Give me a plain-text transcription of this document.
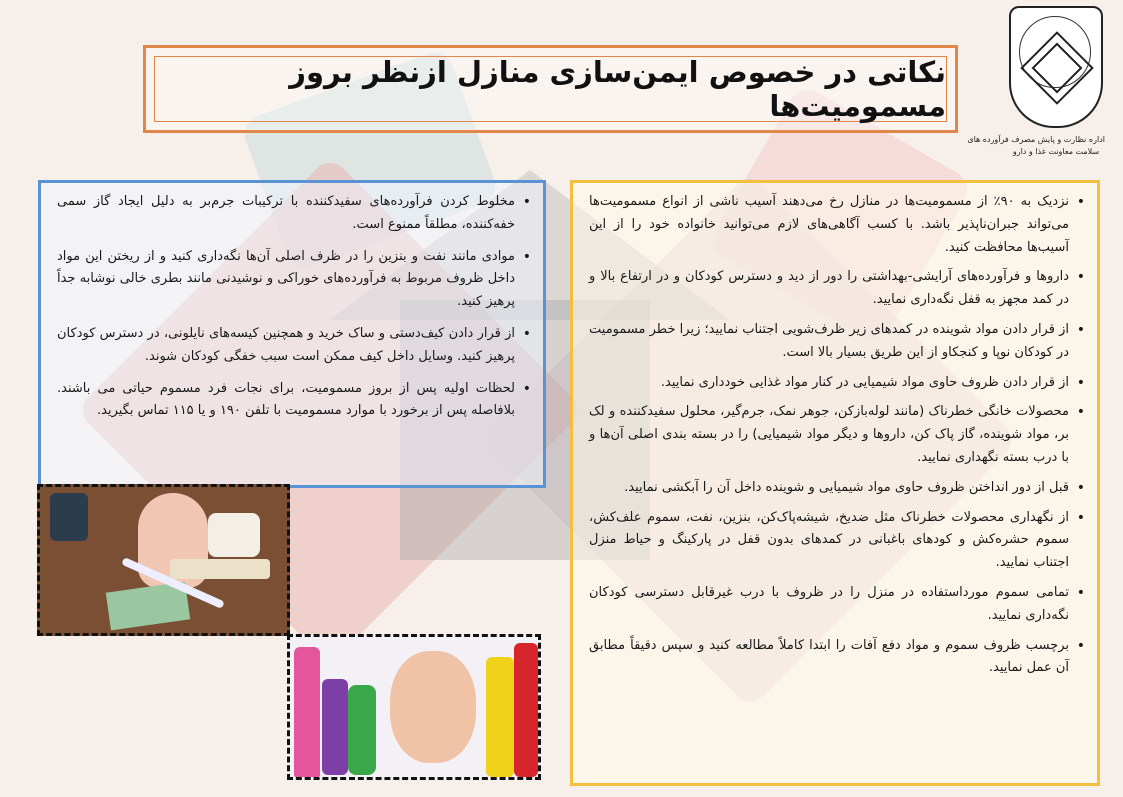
نکاتی در خصوص ایمن‌سازی منازل ازنظر بروز مسمومیت‌ها
اداره نظارت و پایش مصرف فرآورده های
سلامت معاونت غذا و دارو
• نزدیک به ۹۰٪ از مسمومیت‌ها در منازل رخ می‌دهند آسیب ناشی از انواع مسمومیت‌ها می‌تواند جبران‌ناپذیر باشد. با کسب آگاهی‌های لازم می‌توانید خانواده خود را از این آسیب‌ها محافظت کنید.
• داروها و فرآورده‌های آرایشی-بهداشتی را دور از دید و دسترس کودکان و در ارتفاع بالا و در کمد مجهز به قفل نگه‌داری نمایید.
• از قرار دادن مواد شوینده در کمدهای زیر ظرف‌شویی اجتناب نمایید؛ زیرا خطر مسمومیت در کودکان نوپا و کنجکاو از این طریق بسیار بالا است.
• از قرار دادن ظروف حاوی مواد شیمیایی در کنار مواد غذایی خودداری نمایید.
• محصولات خانگی خطرناک (مانند لوله‌بازکن، جوهر نمک، جرم‌گیر، محلول سفیدکننده و لک بر، مواد شوینده، گاز پاک کن، داروها و دیگر مواد شیمیایی) را در بسته بندی اصلی آن‌ها و با درب بسته نگهداری نمایید.
• قبل از دور انداختن ظروف حاوی مواد شیمیایی و شوینده داخل آن را آبکشی نمایید.
• از نگهداری محصولات خطرناک مثل ضدیخ، شیشه‌پاک‌کن، بنزین، نفت، سموم علف‌کش، سموم حشره‌کش و کودهای باغبانی در کمدهای بدون قفل در پارکینگ و حیاط منزل اجتناب نمایید.
• تمامی سموم مورداستفاده در منزل را در ظروف با درب غیرقابل دسترسی کودکان نگه‌داری نمایید.
• برچسب ظروف سموم و مواد دفع آفات را ابتدا کاملاً مطالعه کنید و سپس دقیقاً مطابق آن عمل نمایید.
• مخلوط کردن فرآورده‌های سفیدکننده با ترکیبات جرم‌بر به دلیل ایجاد گاز سمی خفه‌کننده، مطلقاً ممنوع است.
• موادی مانند نفت و بنزین را در ظرف اصلی آن‌ها نگه‌داری کنید و از ریختن این مواد داخل ظروف مربوط به فرآورده‌های خوراکی و نوشیدنی مانند بطری خالی نوشابه جداً پرهیز کنید.
• از قرار دادن کیف‌دستی و ساک خرید و همچنین کیسه‌های نایلونی، در دسترس کودکان پرهیز کنید. وسایل داخل کیف ممکن است سبب خفگی کودکان شوند.
• لحظات اولیه پس از بروز مسمومیت، برای نجات فرد مسموم حیاتی می باشند. بلافاصله پس از برخورد با موارد مسمومیت با تلفن ۱۹۰ و یا ۱۱۵ تماس بگیرید.
